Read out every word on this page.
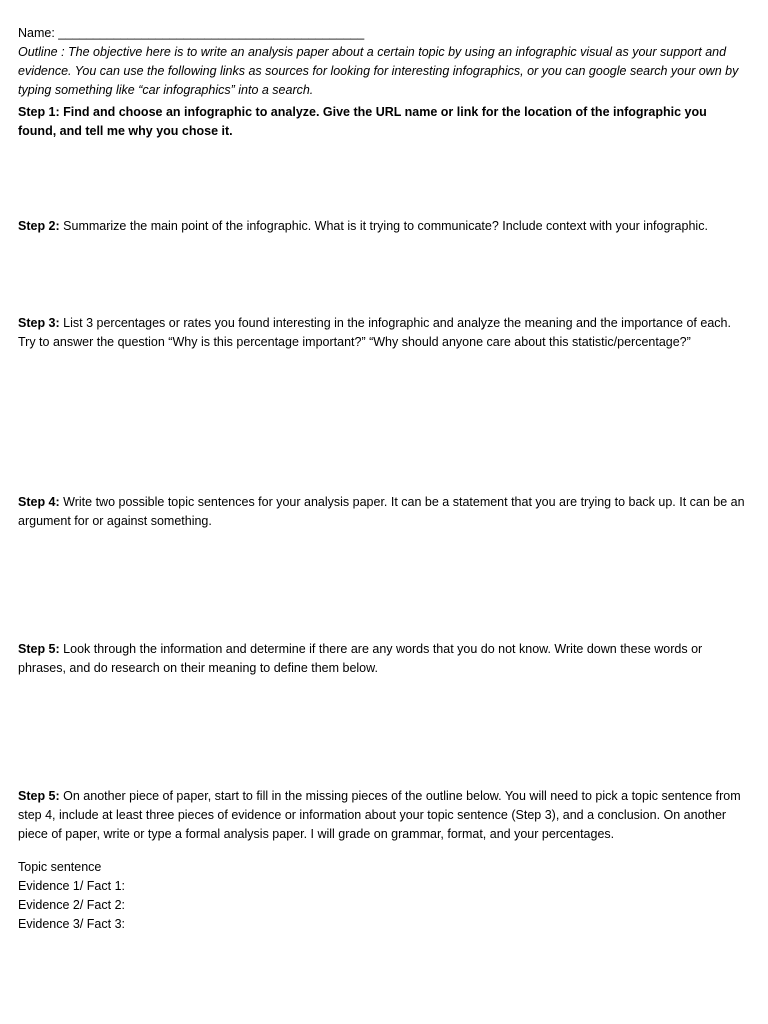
Name: ____________________________________________

Outline : The objective here is to write an analysis paper about a certain topic by using an infographic visual as your support and evidence. You can use the following links as sources for looking for interesting infographics, or you can google search your own by typing something like “car infographics” into a search.

Step 1: Find and choose an infographic to analyze. Give the URL name or link for the location of the infographic you found, and tell me why you chose it.

Step 2: Summarize the main point of the infographic. What is it trying to communicate? Include context with your infographic.

Step 3: List 3 percentages or rates you found interesting in the infographic and analyze the meaning and the importance of each. Try to answer the question “Why is this percentage important?” “Why should anyone care about this statistic/percentage?”

Step 4: Write two possible topic sentences for your analysis paper. It can be a statement that you are trying to back up. It can be an argument for or against something.

Step 5: Look through the information and determine if there are any words that you do not know. Write down these words or phrases, and do research on their meaning to define them below.

Step 5: On another piece of paper, start to fill in the missing pieces of the outline below. You will need to pick a topic sentence from step 4, include at least three pieces of evidence or information about your topic sentence (Step 3), and a conclusion. On another piece of paper, write or type a formal analysis paper. I will grade on grammar, format, and your percentages.

Topic sentence

Evidence 1/ Fact 1:

Evidence 2/ Fact 2:

Evidence 3/ Fact 3:
